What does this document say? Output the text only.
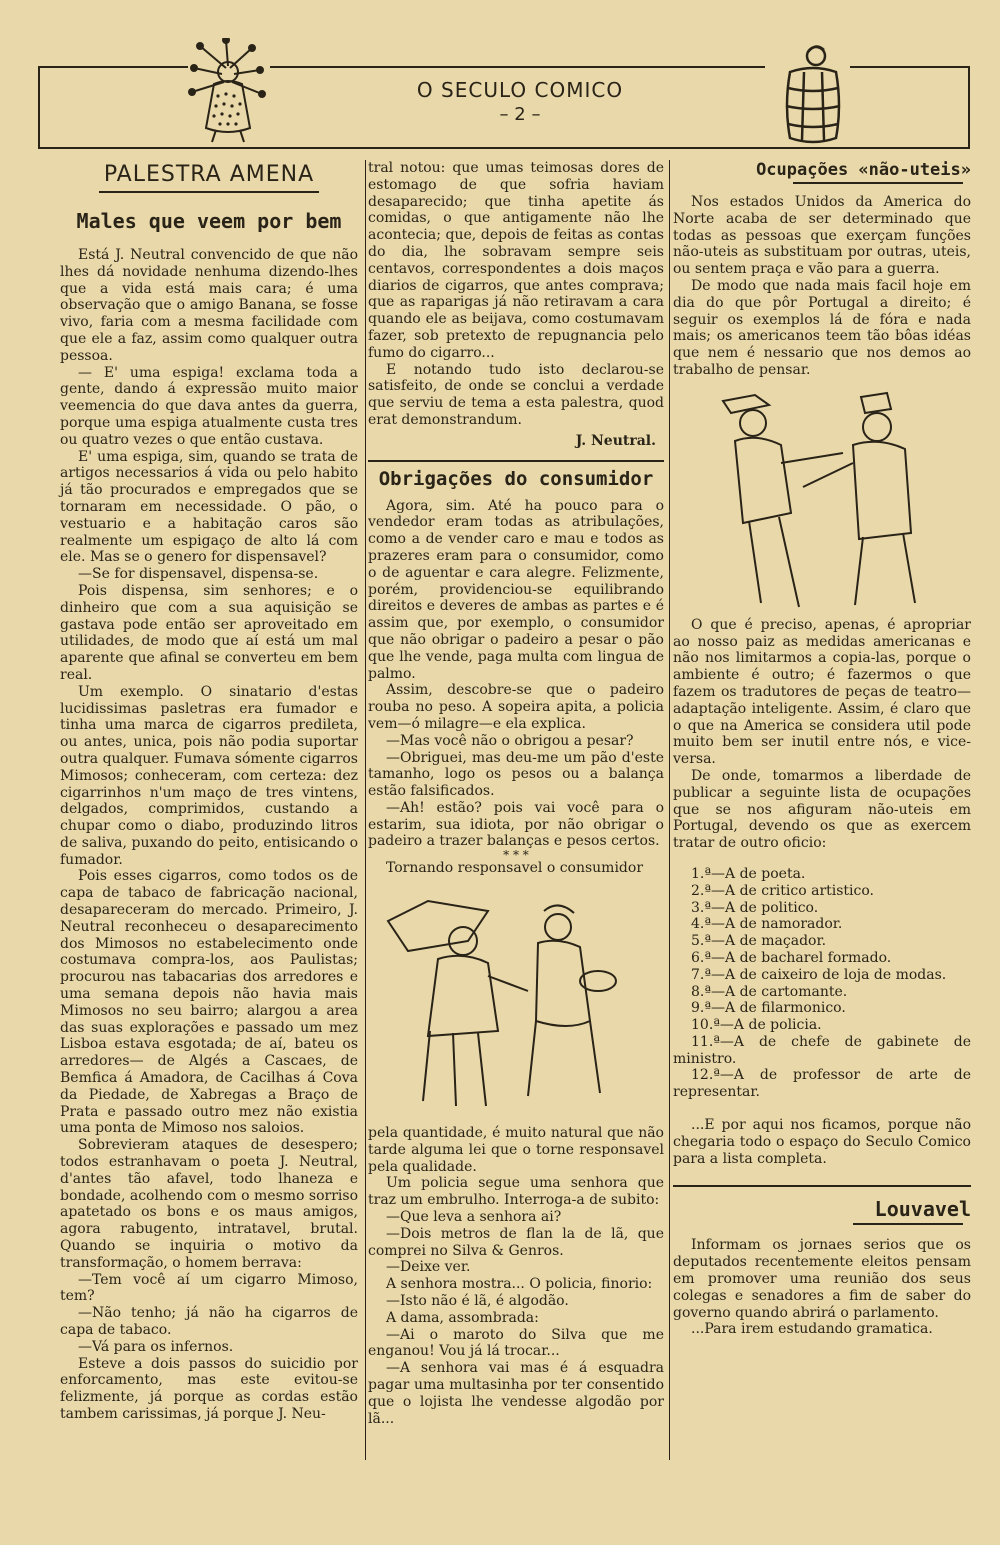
O SECULO COMICO
– 2 –
PALESTRA AMENA
Males que veem por bem

Está J. Neutral convencido de que não lhes dá novidade nenhuma dizendo-lhes que a vida está mais cara; é uma observação que o amigo Banana, se fosse vivo, faria com a mesma facilidade com que ele a faz, assim como qualquer outra pessoa.

— E' uma espiga! exclama toda a gente, dando á expressão muito maior veemencia do que dava antes da guerra, porque uma espiga atualmente custa tres ou quatro vezes o que então custava.

E' uma espiga, sim, quando se trata de artigos necessarios á vida ou pelo habito já tão procurados e empregados que se tornaram em necessidade. O pão, o vestuario e a habitação caros são realmente um espigaço de alto lá com ele. Mas se o genero for dispensavel?

—Se for dispensavel, dispensa-se.

Pois dispensa, sim senhores; e o dinheiro que com a sua aquisição se gastava pode então ser aproveitado em utilidades, de modo que aí está um mal aparente que afinal se converteu em bem real.

Um exemplo. O sinatario d'estas lucidissimas pasletras era fumador e tinha uma marca de cigarros predileta, ou antes, unica, pois não podia suportar outra qualquer. Fumava sómente cigarros Mimosos; conheceram, com certeza: dez cigarrinhos n'um maço de tres vintens, delgados, comprimidos, custando a chupar como o diabo, produzindo litros de saliva, puxando do peito, entisicando o fumador.

Pois esses cigarros, como todos os de capa de tabaco de fabricação nacional, desapareceram do mercado. Primeiro, J. Neutral reconheceu o desaparecimento dos Mimosos no estabelecimento onde costumava compra-los, aos Paulistas; procurou nas tabacarias dos arredores e uma semana depois não havia mais Mimosos no seu bairro; alargou a area das suas explorações e passado um mez Lisboa estava esgotada; de aí, bateu os arredores— de Algés a Cascaes, de Bemfica á Amadora, de Cacilhas á Cova da Piedade, de Xabregas a Braço de Prata e passado outro mez não existia uma ponta de Mimoso nos saloios.

Sobrevieram ataques de desespero; todos estranhavam o poeta J. Neutral, d'antes tão afavel, todo lhaneza e bondade, acolhendo com o mesmo sorriso apatetado os bons e os maus amigos, agora rabugento, intratavel, brutal. Quando se inquiria o motivo da transformação, o homem berrava:

—Tem você aí um cigarro Mimoso, tem?

—Não tenho; já não ha cigarros de capa de tabaco.

—Vá para os infernos.

Esteve a dois passos do suicidio por enforcamento, mas este evitou-se felizmente, já porque as cordas estão tambem carissimas, já porque J. Neu-

tral notou: que umas teimosas dores de estomago de que sofria haviam desaparecido; que tinha apetite ás comidas, o que antigamente não lhe acontecia; que, depois de feitas as contas do dia, lhe sobravam sempre seis centavos, correspondentes a dois maços diarios de cigarros, que antes comprava; que as raparigas já não retiravam a cara quando ele as beijava, como costumavam fazer, sob pretexto de repugnancia pelo fumo do cigarro...

E notando tudo isto declarou-se satisfeito, de onde se conclui a verdade que serviu de tema a esta palestra, quod erat demonstrandum.

J. Neutral.

Obrigações do consumidor

Agora, sim. Até ha pouco para o vendedor eram todas as atribulações, como a de vender caro e mau e todos as prazeres eram para o consumidor, como o de aguentar e cara alegre. Felizmente, porém, providenciou-se equilibrando direitos e deveres de ambas as partes e é assim que, por exemplo, o consumidor que não obrigar o padeiro a pesar o pão que lhe vende, paga multa com lingua de palmo.

Assim, descobre-se que o padeiro rouba no peso. A sopeira apita, a policia vem—ó milagre—e ela explica.

—Mas você não o obrigou a pesar?

—Obriguei, mas deu-me um pão d'este tamanho, logo os pesos ou a balança estão falsificados.

—Ah! estão? pois vai você para o estarim, sua idiota, por não obrigar o padeiro a trazer balanças e pesos certos.

* * *

Tornando responsavel o consumidor

pela quantidade, é muito natural que não tarde alguma lei que o torne responsavel pela qualidade.

Um policia segue uma senhora que traz um embrulho. Interroga-a de subito:

—Que leva a senhora ai?

—Dois metros de flan la de lã, que comprei no Silva & Genros.

—Deixe ver.

A senhora mostra... O policia, finorio:

—Isto não é lã, é algodão.

A dama, assombrada:

—Ai o maroto do Silva que me enganou! Vou já lá trocar...

—A senhora vai mas é á esquadra pagar uma multasinha por ter consentido que o lojista lhe vendesse algodão por lã...

Ocupações «não-uteis»

Nos estados Unidos da America do Norte acaba de ser determinado que todas as pessoas que exerçam funções não-uteis as substituam por outras, uteis, ou sentem praça e vão para a guerra.

De modo que nada mais facil hoje em dia do que pôr Portugal a direito; é seguir os exemplos lá de fóra e nada mais; os americanos teem tão bôas idéas que nem é nessario que nos demos ao trabalho de pensar.

O que é preciso, apenas, é apropriar ao nosso paiz as medidas americanas e não nos limitarmos a copia-las, porque o ambiente é outro; é fazermos o que fazem os tradutores de peças de teatro—adaptação inteligente. Assim, é claro que o que na America se considera util pode muito bem ser inutil entre nós, e vice-versa.

De onde, tomarmos a liberdade de publicar a seguinte lista de ocupações que se nos afiguram não-uteis em Portugal, devendo os que as exercem tratar de outro oficio:

1.ª—A de poeta.

2.ª—A de critico artistico.

3.ª—A de politico.

4.ª—A de namorador.

5.ª—A de maçador.

6.ª—A de bacharel formado.

7.ª—A de caixeiro de loja de modas.

8.ª—A de cartomante.

9.ª—A de filarmonico.

10.ª—A de policia.

11.ª—A de chefe de gabinete de ministro.

12.ª—A de professor de arte de representar.

...E por aqui nos ficamos, porque não chegaria todo o espaço do Seculo Comico para a lista completa.

Louvavel

Informam os jornaes serios que os deputados recentemente eleitos pensam em promover uma reunião dos seus colegas e senadores a fim de saber do governo quando abrirá o parlamento.

...Para irem estudando gramatica.
